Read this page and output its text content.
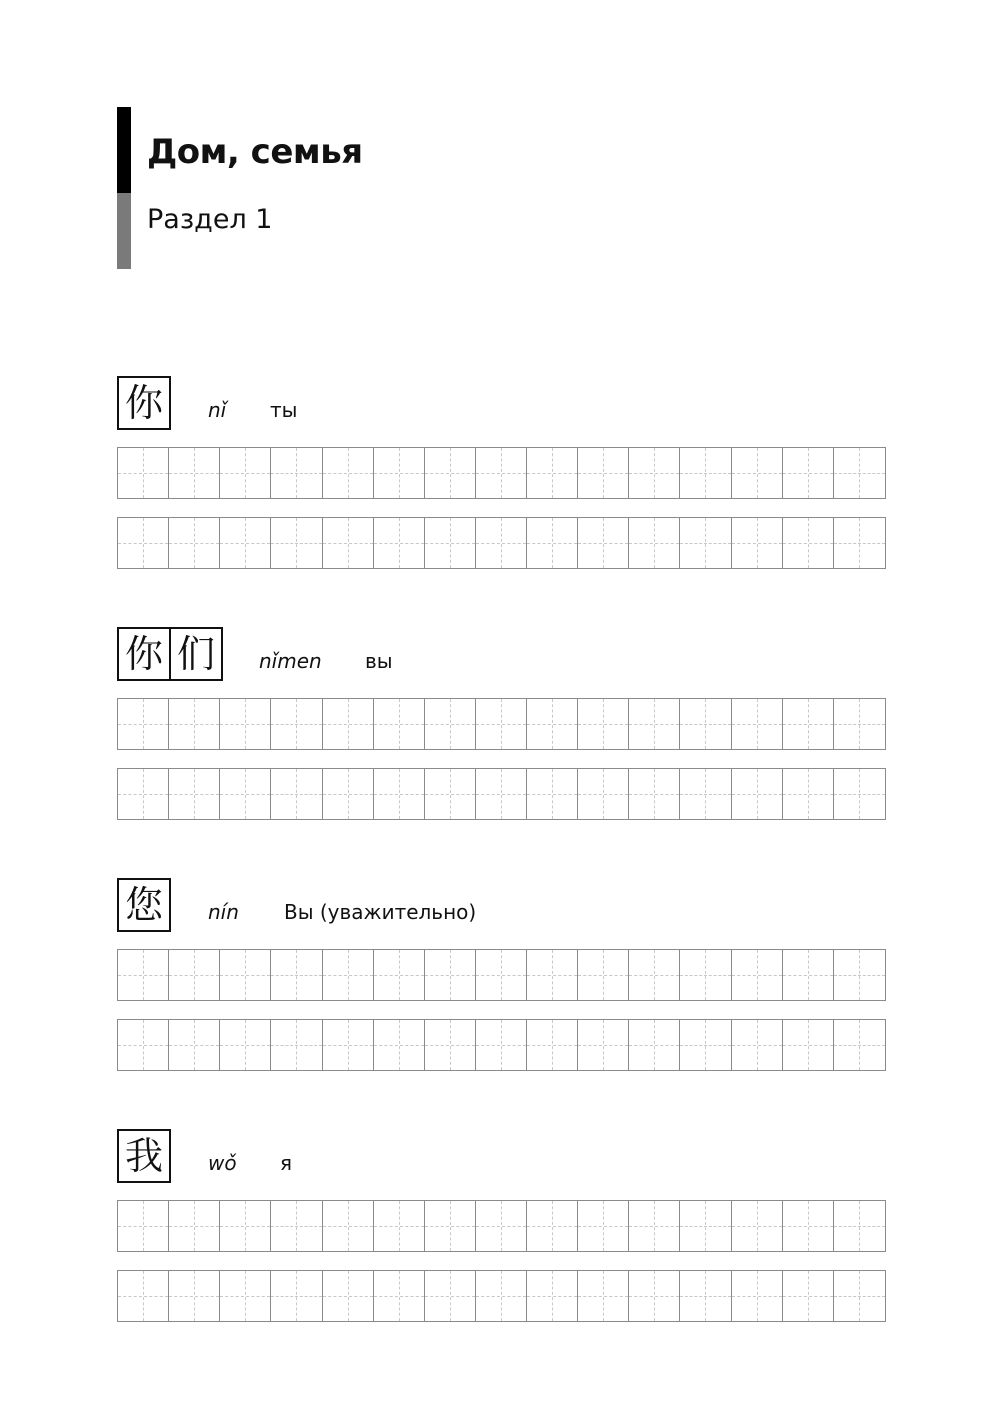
Дом, семья
Раздел 1
你	nǐ ты
你 们	nǐmen вы
您	nín Вы (уважительно)
我	wǒ я
